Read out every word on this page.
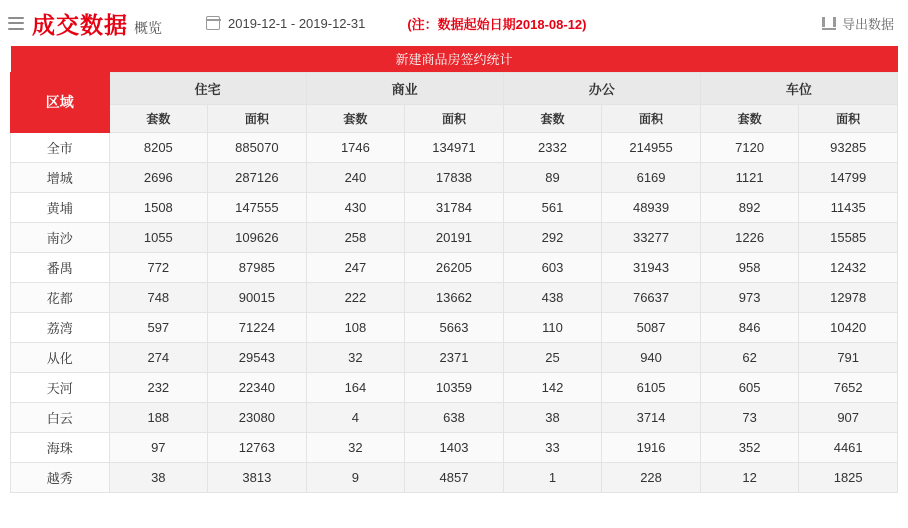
成交数据 概览	2019-12-1 - 2019-12-31	(注：数据起始日期2018-08-12)	导出数据
新建商品房签约统计								
区域	住宅		商业		办公		车位	
	套数	面积	套数	面积	套数	面积	套数	面积
全市	8205	885070	1746	134971	2332	214955	7120	93285
增城	2696	287126	240	17838	89	6169	1121	14799
黄埔	1508	147555	430	31784	561	48939	892	11435
南沙	1055	109626	258	20191	292	33277	1226	15585
番禺	772	87985	247	26205	603	31943	958	12432
花都	748	90015	222	13662	438	76637	973	12978
荔湾	597	71224	108	5663	110	5087	846	10420
从化	274	29543	32	2371	25	940	62	791
天河	232	22340	164	10359	142	6105	605	7652
白云	188	23080	4	638	38	3714	73	907
海珠	97	12763	32	1403	33	1916	352	4461
越秀	38	3813	9	4857	1	228	12	1825
